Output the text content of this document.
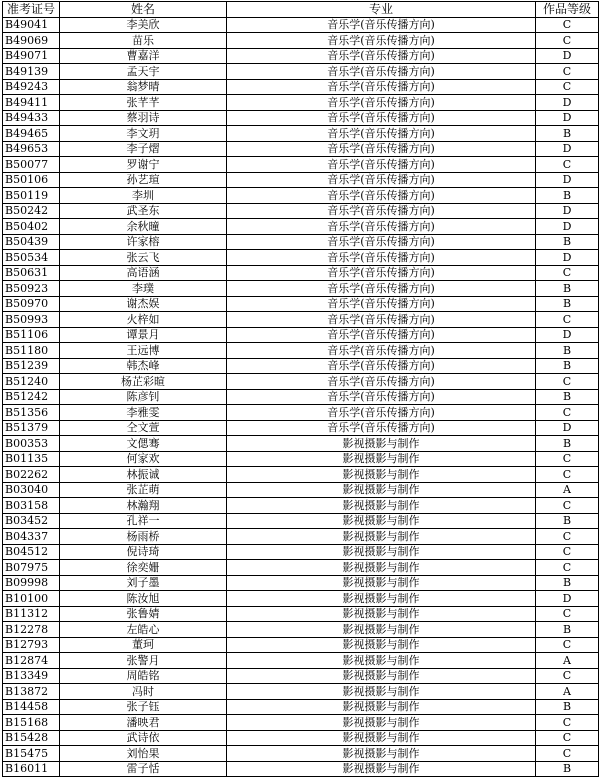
准考证号	姓名	专业	作品等级
B49041	李美欣	音乐学(音乐传播方向)	C
B49069	苗乐	音乐学(音乐传播方向)	C
B49071	曹嘉洋	音乐学(音乐传播方向)	D
B49139	孟天宇	音乐学(音乐传播方向)	C
B49243	翁梦晴	音乐学(音乐传播方向)	C
B49411	张芊芊	音乐学(音乐传播方向)	D
B49433	蔡羽诗	音乐学(音乐传播方向)	D
B49465	李文玥	音乐学(音乐传播方向)	B
B49653	李子熠	音乐学(音乐传播方向)	D
B50077	罗谢宁	音乐学(音乐传播方向)	C
B50106	孙艺瑄	音乐学(音乐传播方向)	D
B50119	李圳	音乐学(音乐传播方向)	B
B50242	武圣东	音乐学(音乐传播方向)	D
B50402	余秋曈	音乐学(音乐传播方向)	D
B50439	许家榕	音乐学(音乐传播方向)	B
B50534	张云飞	音乐学(音乐传播方向)	D
B50631	高语涵	音乐学(音乐传播方向)	C
B50923	李璞	音乐学(音乐传播方向)	B
B50970	谢杰娱	音乐学(音乐传播方向)	B
B50993	火梓如	音乐学(音乐传播方向)	C
B51106	谭景月	音乐学(音乐传播方向)	D
B51180	王远博	音乐学(音乐传播方向)	B
B51239	韩杰峰	音乐学(音乐传播方向)	B
B51240	杨芷彩暄	音乐学(音乐传播方向)	C
B51242	陈彦钊	音乐学(音乐传播方向)	B
B51356	李雅雯	音乐学(音乐传播方向)	C
B51379	仝文萱	音乐学(音乐传播方向)	D
B00353	文偲骞	影视摄影与制作	B
B01135	何家欢	影视摄影与制作	C
B02262	林振诚	影视摄影与制作	C
B03040	张芷萌	影视摄影与制作	A
B03158	林瀚翔	影视摄影与制作	C
B03452	孔祥一	影视摄影与制作	B
B04337	杨雨桥	影视摄影与制作	C
B04512	倪诗琦	影视摄影与制作	C
B07975	徐奕姗	影视摄影与制作	C
B09998	刘子墨	影视摄影与制作	B
B10100	陈汝旭	影视摄影与制作	D
B11312	张鲁婧	影视摄影与制作	C
B12278	左皓心	影视摄影与制作	B
B12793	董珂	影视摄影与制作	C
B12874	张警月	影视摄影与制作	A
B13349	周皓铭	影视摄影与制作	C
B13872	冯时	影视摄影与制作	A
B14458	张子钰	影视摄影与制作	B
B15168	潘映君	影视摄影与制作	C
B15428	武诗依	影视摄影与制作	C
B15475	刘怡果	影视摄影与制作	C
B16011	雷子恬	影视摄影与制作	B
